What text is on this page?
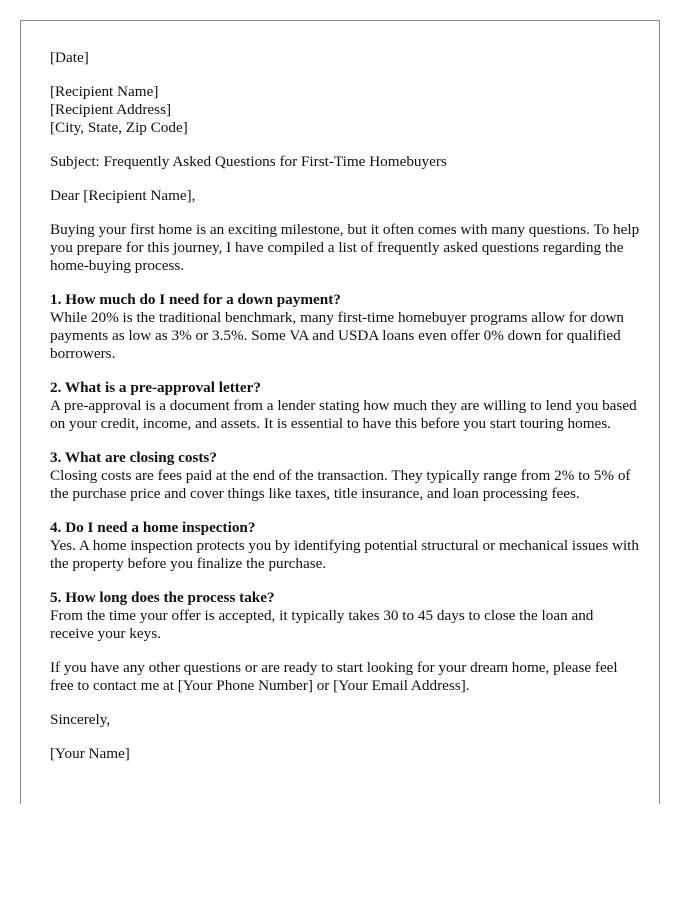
[Date]

[Recipient Name]
[Recipient Address]
[City, State, Zip Code]

Subject: Frequently Asked Questions for First-Time Homebuyers

Dear [Recipient Name],

Buying your first home is an exciting milestone, but it often comes with many questions. To help you prepare for this journey, I have compiled a list of frequently asked questions regarding the home-buying process.

1. How much do I need for a down payment?
While 20% is the traditional benchmark, many first-time homebuyer programs allow for down payments as low as 3% or 3.5%. Some VA and USDA loans even offer 0% down for qualified borrowers.
2. What is a pre-approval letter?
A pre-approval is a document from a lender stating how much they are willing to lend you based on your credit, income, and assets. It is essential to have this before you start touring homes.
3. What are closing costs?
Closing costs are fees paid at the end of the transaction. They typically range from 2% to 5% of the purchase price and cover things like taxes, title insurance, and loan processing fees.
4. Do I need a home inspection?
Yes. A home inspection protects you by identifying potential structural or mechanical issues with the property before you finalize the purchase.
5. How long does the process take?
From the time your offer is accepted, it typically takes 30 to 45 days to close the loan and receive your keys.

If you have any other questions or are ready to start looking for your dream home, please feel free to contact me at [Your Phone Number] or [Your Email Address].

Sincerely,

[Your Name]
